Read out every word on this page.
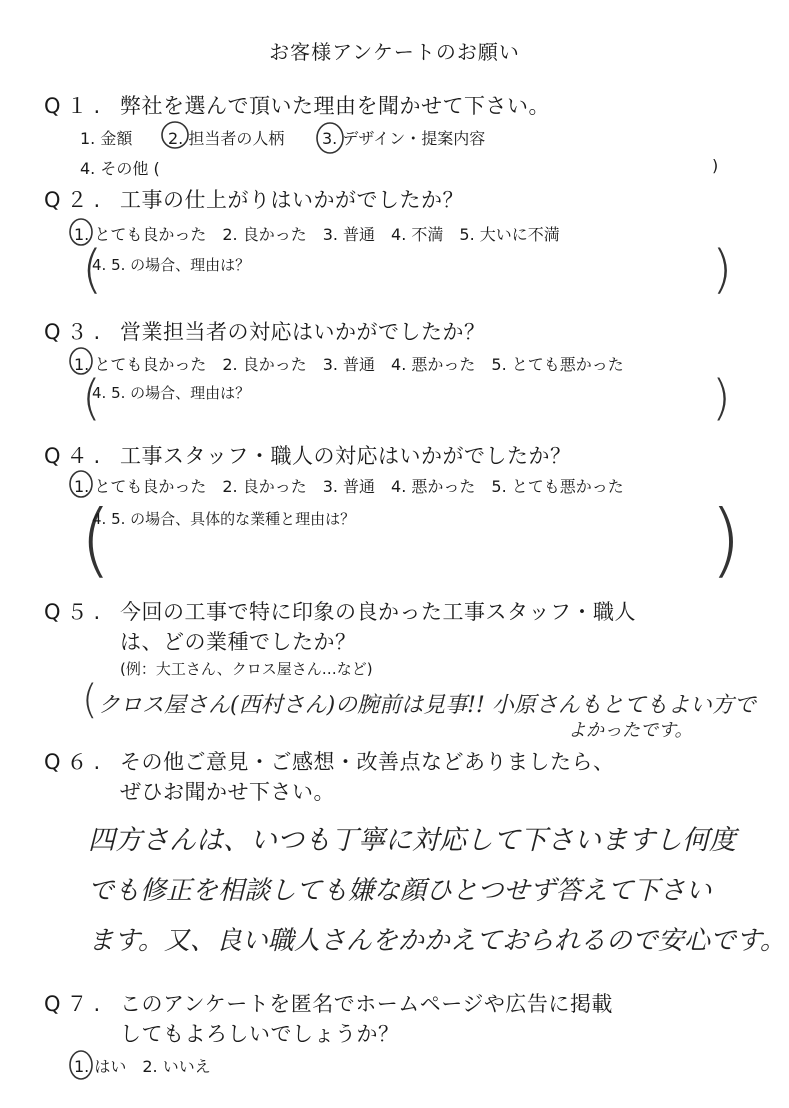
お客様アンケートのお願い
Q１. 弊社を選んで頂いた理由を聞かせて下さい。
1. 金額 2. 担当者の人柄 3. デザイン・提案内容
4. その他 (	)
Q２. 工事の仕上がりはいかがでしたか？
1. とても良かった　2. 良かった　3. 普通　4. 不満　5. 大いに不満
(
4. 5. の場合、理由は？	)
Q３. 営業担当者の対応はいかがでしたか？
1. とても良かった　2. 良かった　3. 普通　4. 悪かった　5. とても悪かった
(
4. 5. の場合、理由は？	)
Q４. 工事スタッフ・職人の対応はいかがでしたか？
1. とても良かった　2. 良かった　3. 普通　4. 悪かった　5. とても悪かった
(
4. 5. の場合、具体的な業種と理由は？	)
Q５. 今回の工事で特に印象の良かった工事スタッフ・職人
は、どの業種でしたか？
(例：大工さん、クロス屋さん…など)
( クロス屋さん(西村さん)の腕前は見事!! 小原さんもとてもよい方で
よかったです。
Q６. その他ご意見・ご感想・改善点などありましたら、
ぜひお聞かせ下さい。
四方さんは、いつも丁寧に対応して下さいますし何度
でも修正を相談しても嫌な顔ひとつせず答えて下さい
ます。又、良い職人さんをかかえておられるので安心です。
Q７. このアンケートを匿名でホームページや広告に掲載
してもよろしいでしょうか？
1. はい　2. いいえ
